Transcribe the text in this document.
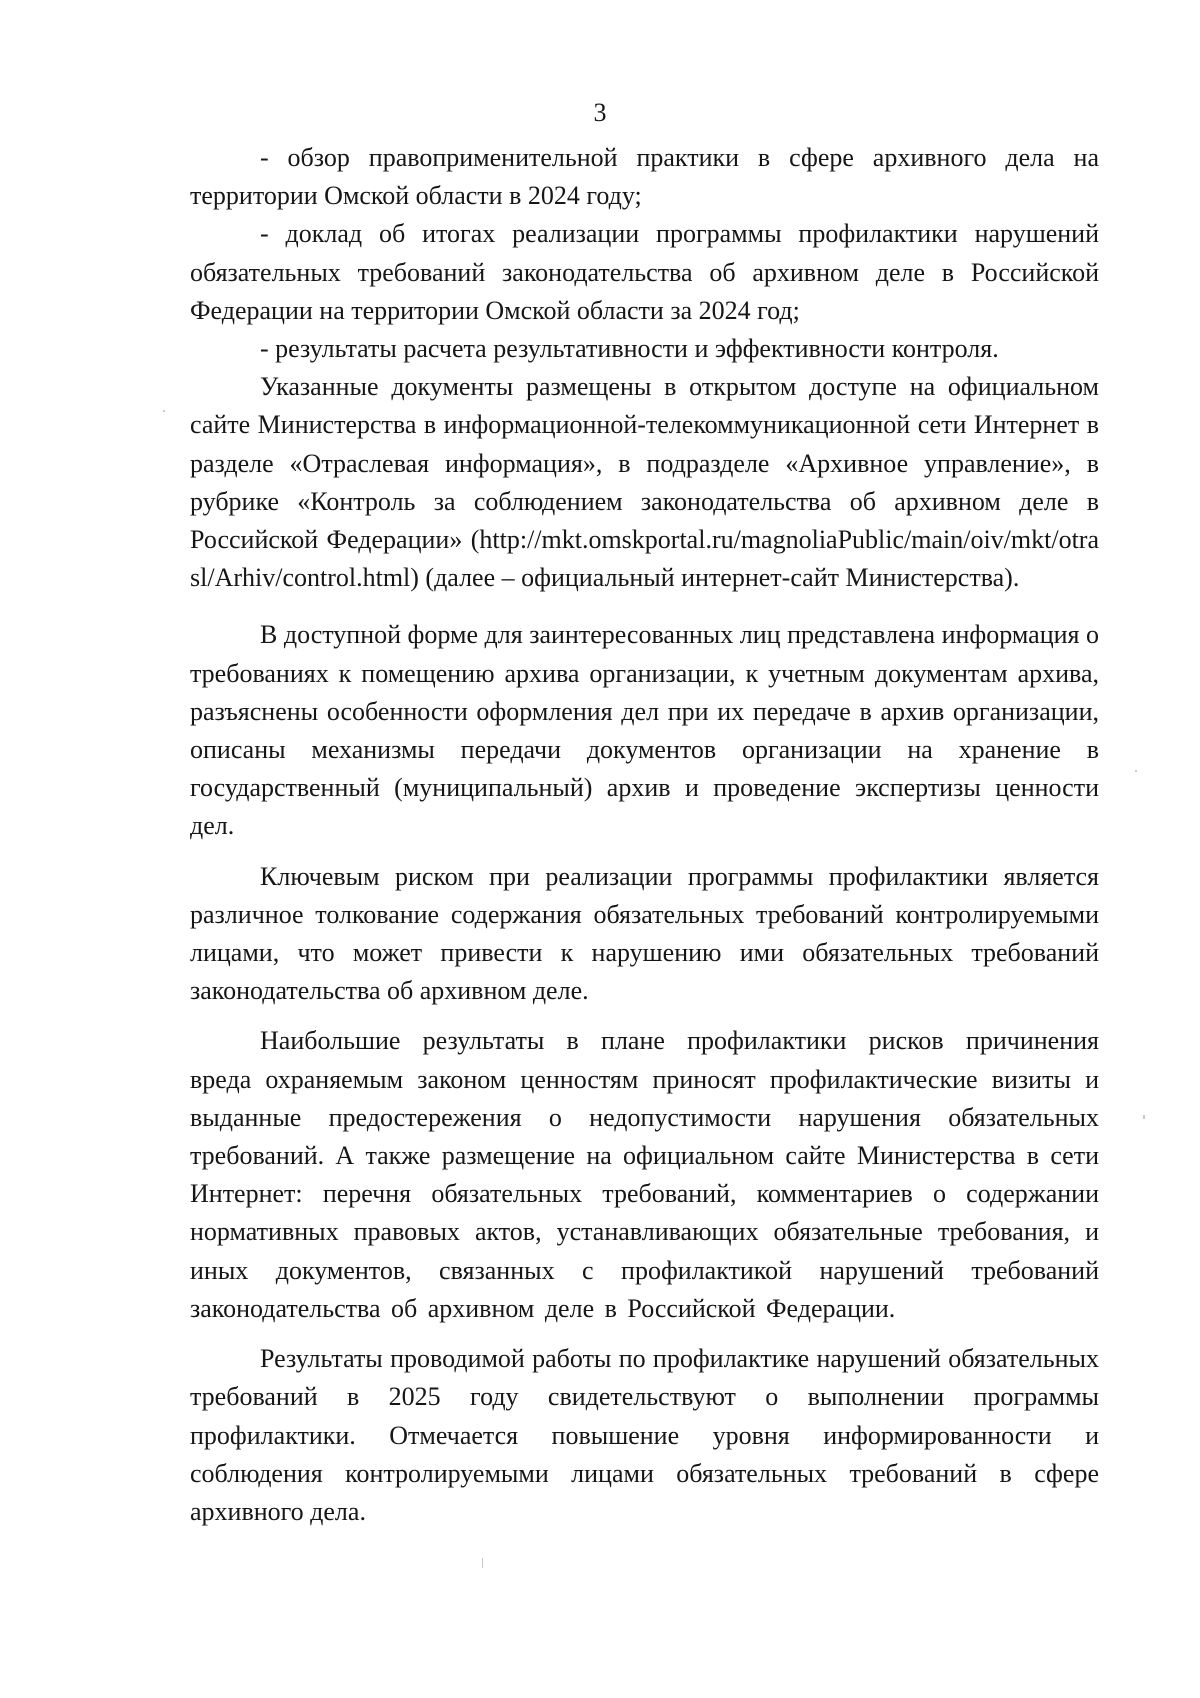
3

- обзор правоприменительной практики в сфере архивного дела на территории Омской области в 2024 году;

- доклад об итогах реализации программы профилактики нарушений обязательных требований законодательства об архивном деле в Российской Федерации на территории Омской области за 2024 год;

- результаты расчета результативности и эффективности контроля.

Указанные документы размещены в открытом доступе на официальном сайте Министерства в информационной-телекоммуникационной сети Интернет в разделе «Отраслевая информация», в подразделе «Архивное управление», в рубрике «Контроль за соблюдением законодательства об архивном деле в Российской Федерации» (http://mkt.omskportal.ru/magnoliaPublic/main/oiv/mkt/otrasl/Arhiv/control.html) (далее – официальный интернет-сайт Министерства).

В доступной форме для заинтересованных лиц представлена информация о требованиях к помещению архива организации, к учетным документам архива, разъяснены особенности оформления дел при их передаче в архив организации, описаны механизмы передачи документов организации на хранение в государственный (муниципальный) архив и проведение экспертизы ценности дел.

Ключевым риском при реализации программы профилактики является различное толкование содержания обязательных требований контролируемыми лицами, что может привести к нарушению ими обязательных требований законодательства об архивном деле.

Наибольшие результаты в плане профилактики рисков причинения вреда охраняемым законом ценностям приносят профилактические визиты и выданные предостережения о недопустимости нарушения обязательных требований. А также размещение на официальном сайте Министерства в сети Интернет: перечня обязательных требований, комментариев о содержании нормативных правовых актов, устанавливающих обязательные требования, и иных документов, связанных с профилактикой нарушений требований законодательства об архивном деле в Российской Федерации.

Результаты проводимой работы по профилактике нарушений обязательных требований в 2025 году свидетельствуют о выполнении программы профилактики. Отмечается повышение уровня информированности и соблюдения контролируемыми лицами обязательных требований в сфере архивного дела.
